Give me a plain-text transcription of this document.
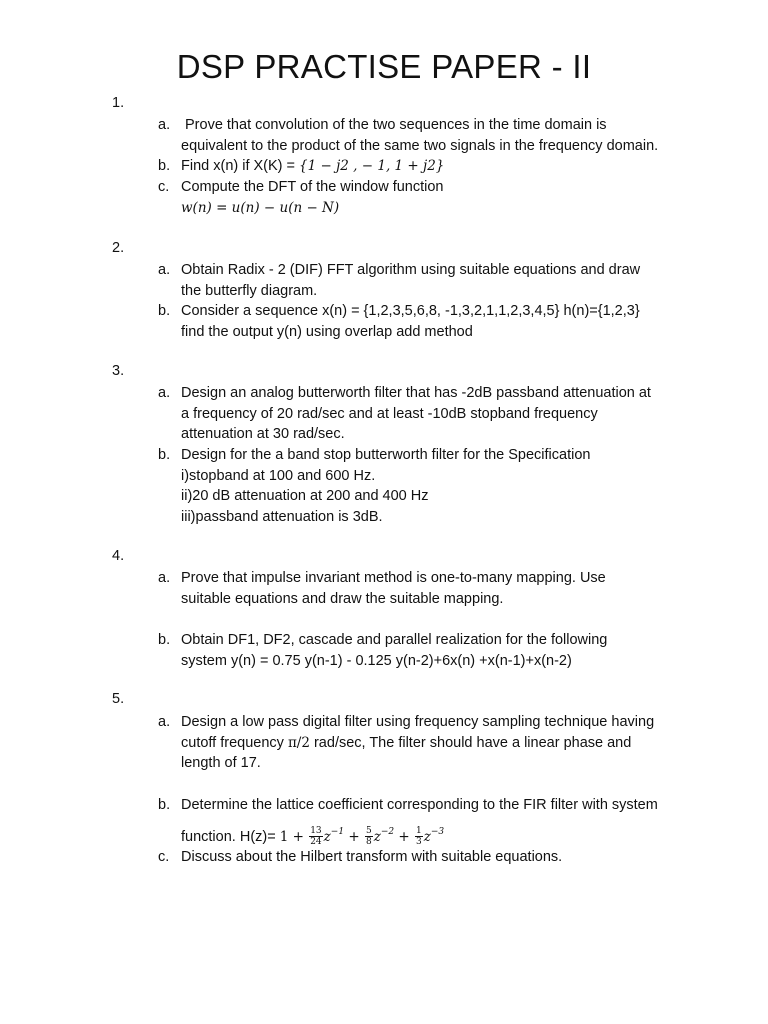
DSP PRACTISE PAPER - II
1.
a. Prove that convolution of the two sequences in the time domain is
equivalent to the product of the same two signals in the frequency domain.
b. Find x(n) if X(K) = {1 − j2 , − 1, 1 + j2}
c. Compute the DFT of the window function
w(n) = u(n) − u(n − N)
2.
a. Obtain Radix - 2 (DIF) FFT algorithm using suitable equations and draw
the butterfly diagram.
b. Consider a sequence x(n) = {1,2,3,5,6,8, -1,3,2,1,1,2,3,4,5} h(n)={1,2,3}
find the output y(n) using overlap add method
3.
a. Design an analog butterworth filter that has -2dB passband attenuation at
a frequency of 20 rad/sec and at least -10dB stopband frequency
attenuation at 30 rad/sec.
b. Design for the a band stop butterworth filter for the Specification
i)stopband at 100 and 600 Hz.
ii)20 dB attenuation at 200 and 400 Hz
iii)passband attenuation is 3dB.
4.
a. Prove that impulse invariant method is one-to-many mapping. Use
suitable equations and draw the suitable mapping.
b. Obtain DF1, DF2, cascade and parallel realization for the following
system y(n) = 0.75 y(n-1) - 0.125 y(n-2)+6x(n) +x(n-1)+x(n-2)
5.
a. Design a low pass digital filter using frequency sampling technique having
cutoff frequency π/2 rad/sec, The filter should have a linear phase and
length of 17.
b. Determine the lattice coefficient corresponding to the FIR filter with system
function. $H(z)= 1 + \frac{13}{24} z^{-1} + \frac{5}{8} z^{-2} + \frac{1}{3} z^{-3}$
c. Discuss about the Hilbert transform with suitable equations.
